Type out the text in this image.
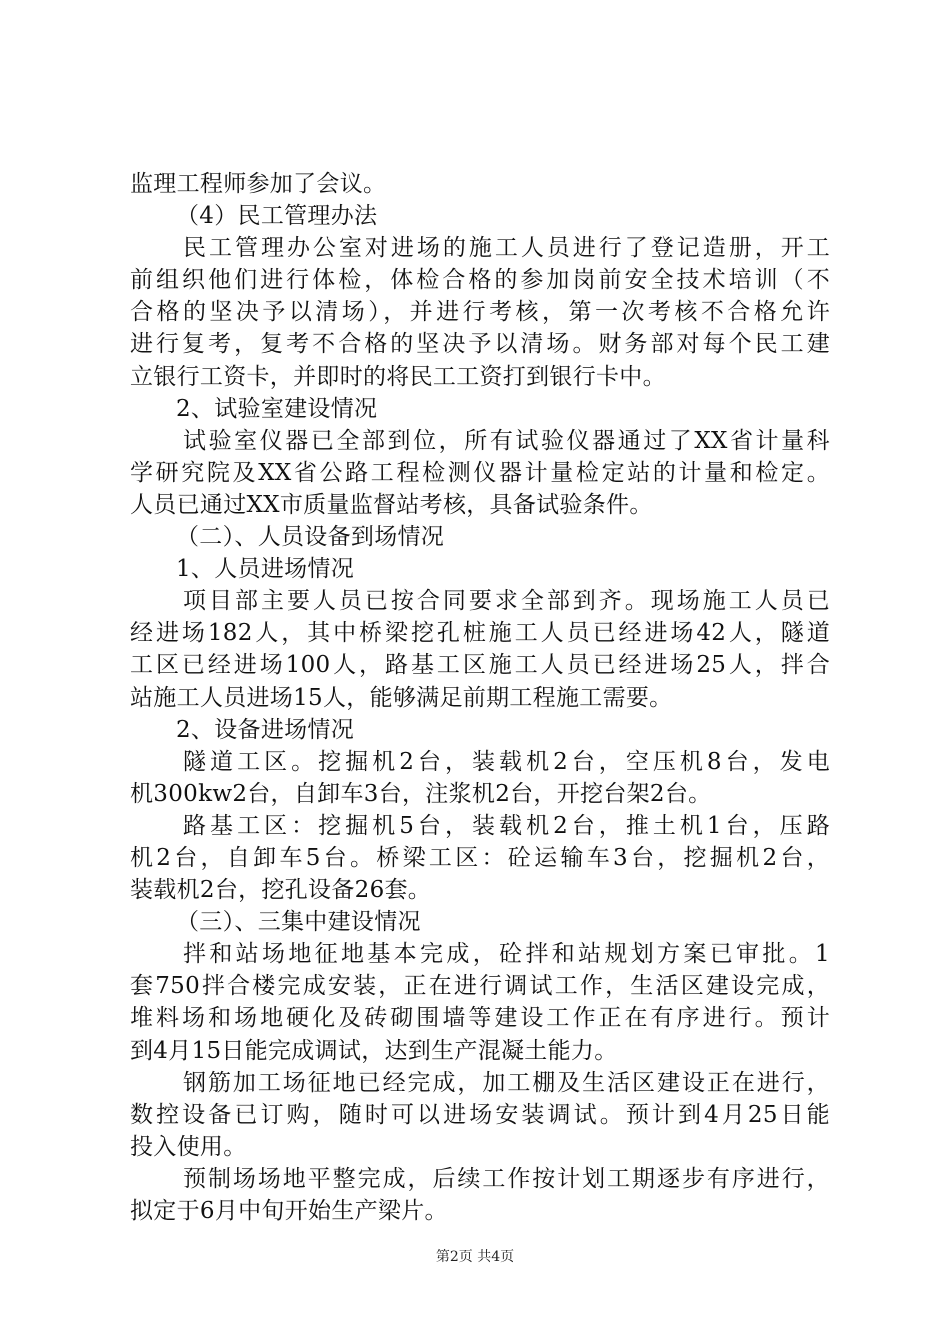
监理工程师参加了会议。
（4）民工管理办法
民工管理办公室对进场的施工人员进行了登记造册，开工
前组织他们进行体检，体检合格的参加岗前安全技术培训（不
合格的坚决予以清场），并进行考核，第一次考核不合格允许
进行复考，复考不合格的坚决予以清场。财务部对每个民工建
立银行工资卡，并即时的将民工工资打到银行卡中。
2、试验室建设情况
试验室仪器已全部到位，所有试验仪器通过了XX省计量科
学研究院及XX省公路工程检测仪器计量检定站的计量和检定。
人员已通过XX市质量监督站考核，具备试验条件。
（二）、人员设备到场情况
1、人员进场情况
项目部主要人员已按合同要求全部到齐。现场施工人员已
经进场182人，其中桥梁挖孔桩施工人员已经进场42人，隧道
工区已经进场100人，路基工区施工人员已经进场25人，拌合
站施工人员进场15人，能够满足前期工程施工需要。
2、设备进场情况
隧道工区。挖掘机2台，装载机2台，空压机8台，发电
机300kw2台，自卸车3台，注浆机2台，开挖台架2台。
路基工区：挖掘机5台，装载机2台，推土机1台，压路
机2台，自卸车5台。桥梁工区：砼运输车3台，挖掘机2台，
装载机2台，挖孔设备26套。
（三）、三集中建设情况
拌和站场地征地基本完成，砼拌和站规划方案已审批。1
套750拌合楼完成安装，正在进行调试工作，生活区建设完成，
堆料场和场地硬化及砖砌围墙等建设工作正在有序进行。预计
到4月15日能完成调试，达到生产混凝土能力。
钢筋加工场征地已经完成，加工棚及生活区建设正在进行，
数控设备已订购，随时可以进场安装调试。预计到4月25日能
投入使用。
预制场场地平整完成，后续工作按计划工期逐步有序进行，
拟定于6月中旬开始生产梁片。
第2页 共4页
